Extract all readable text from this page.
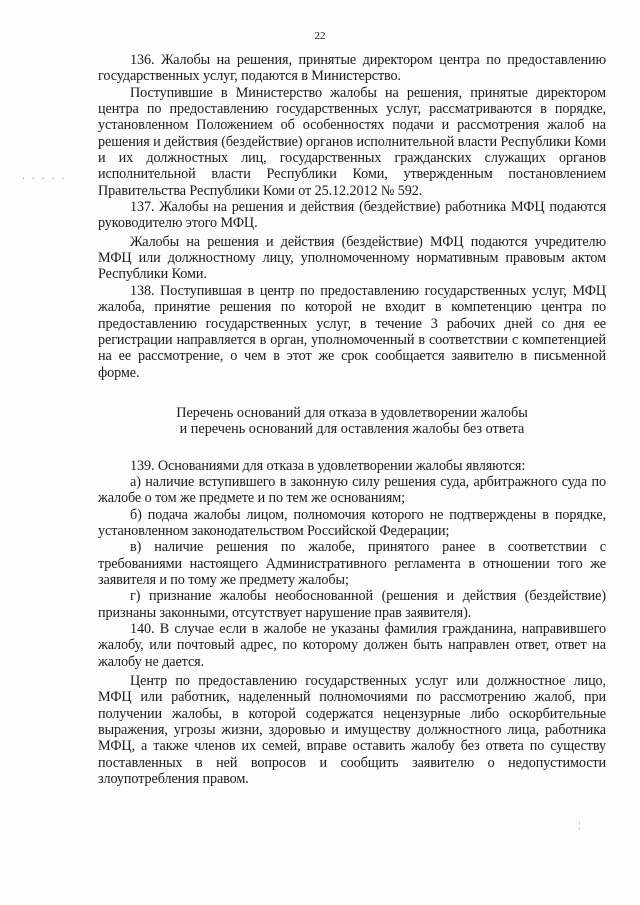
22
· · · · ·

136. Жалобы на решения, принятые директором центра по предоставлению государственных услуг, подаются в Министерство.

Поступившие в Министерство жалобы на решения, принятые директором центра по предоставлению государственных услуг, рассматриваются в порядке, установленном Положением об особенностях подачи и рассмотрения жалоб на решения и действия (бездействие) органов исполнительной власти Республики Коми и их должностных лиц, государственных гражданских служащих органов исполнительной власти Республики Коми, утвержденным постановлением Правительства Республики Коми от 25.12.2012 № 592.

137. Жалобы на решения и действия (бездействие) работника МФЦ подаются руководителю этого МФЦ.

Жалобы на решения и действия (бездействие) МФЦ подаются учредителю МФЦ или должностному лицу, уполномоченному нормативным правовым актом Республики Коми.

138. Поступившая в центр по предоставлению государственных услуг, МФЦ жалоба, принятие решения по которой не входит в компетенцию центра по предоставлению государственных услуг, в течение 3 рабочих дней со дня ее регистрации направляется в орган, уполномоченный в соответствии с компетенцией на ее рассмотрение, о чем в этот же срок сообщается заявителю в письменной форме.

Перечень оснований для отказа в удовлетворении жалобы
и перечень оснований для оставления жалобы без ответа

139. Основаниями для отказа в удовлетворении жалобы являются:

а) наличие вступившего в законную силу решения суда, арбитражного суда по жалобе о том же предмете и по тем же основаниям;

б) подача жалобы лицом, полномочия которого не подтверждены в порядке, установленном законодательством Российской Федерации;

в) наличие решения по жалобе, принятого ранее в соответствии с требованиями настоящего Административного регламента в отношении того же заявителя и по тому же предмету жалобы;

г) признание жалобы необоснованной (решения и действия (бездействие) признаны законными, отсутствует нарушение прав заявителя).

140. В случае если в жалобе не указаны фамилия гражданина, направившего жалобу, или почтовый адрес, по которому должен быть направлен ответ, ответ на жалобу не дается.

Центр по предоставлению государственных услуг или должностное лицо, МФЦ или работник, наделенный полномочиями по рассмотрению жалоб, при получении жалобы, в которой содержатся нецензурные либо оскорбительные выражения, угрозы жизни, здоровью и имуществу должностного лица, работника МФЦ, а также членов их семей, вправе оставить жалобу без ответа по существу поставленных в ней вопросов и сообщить заявителю о недопустимости злоупотребления правом.

¦
